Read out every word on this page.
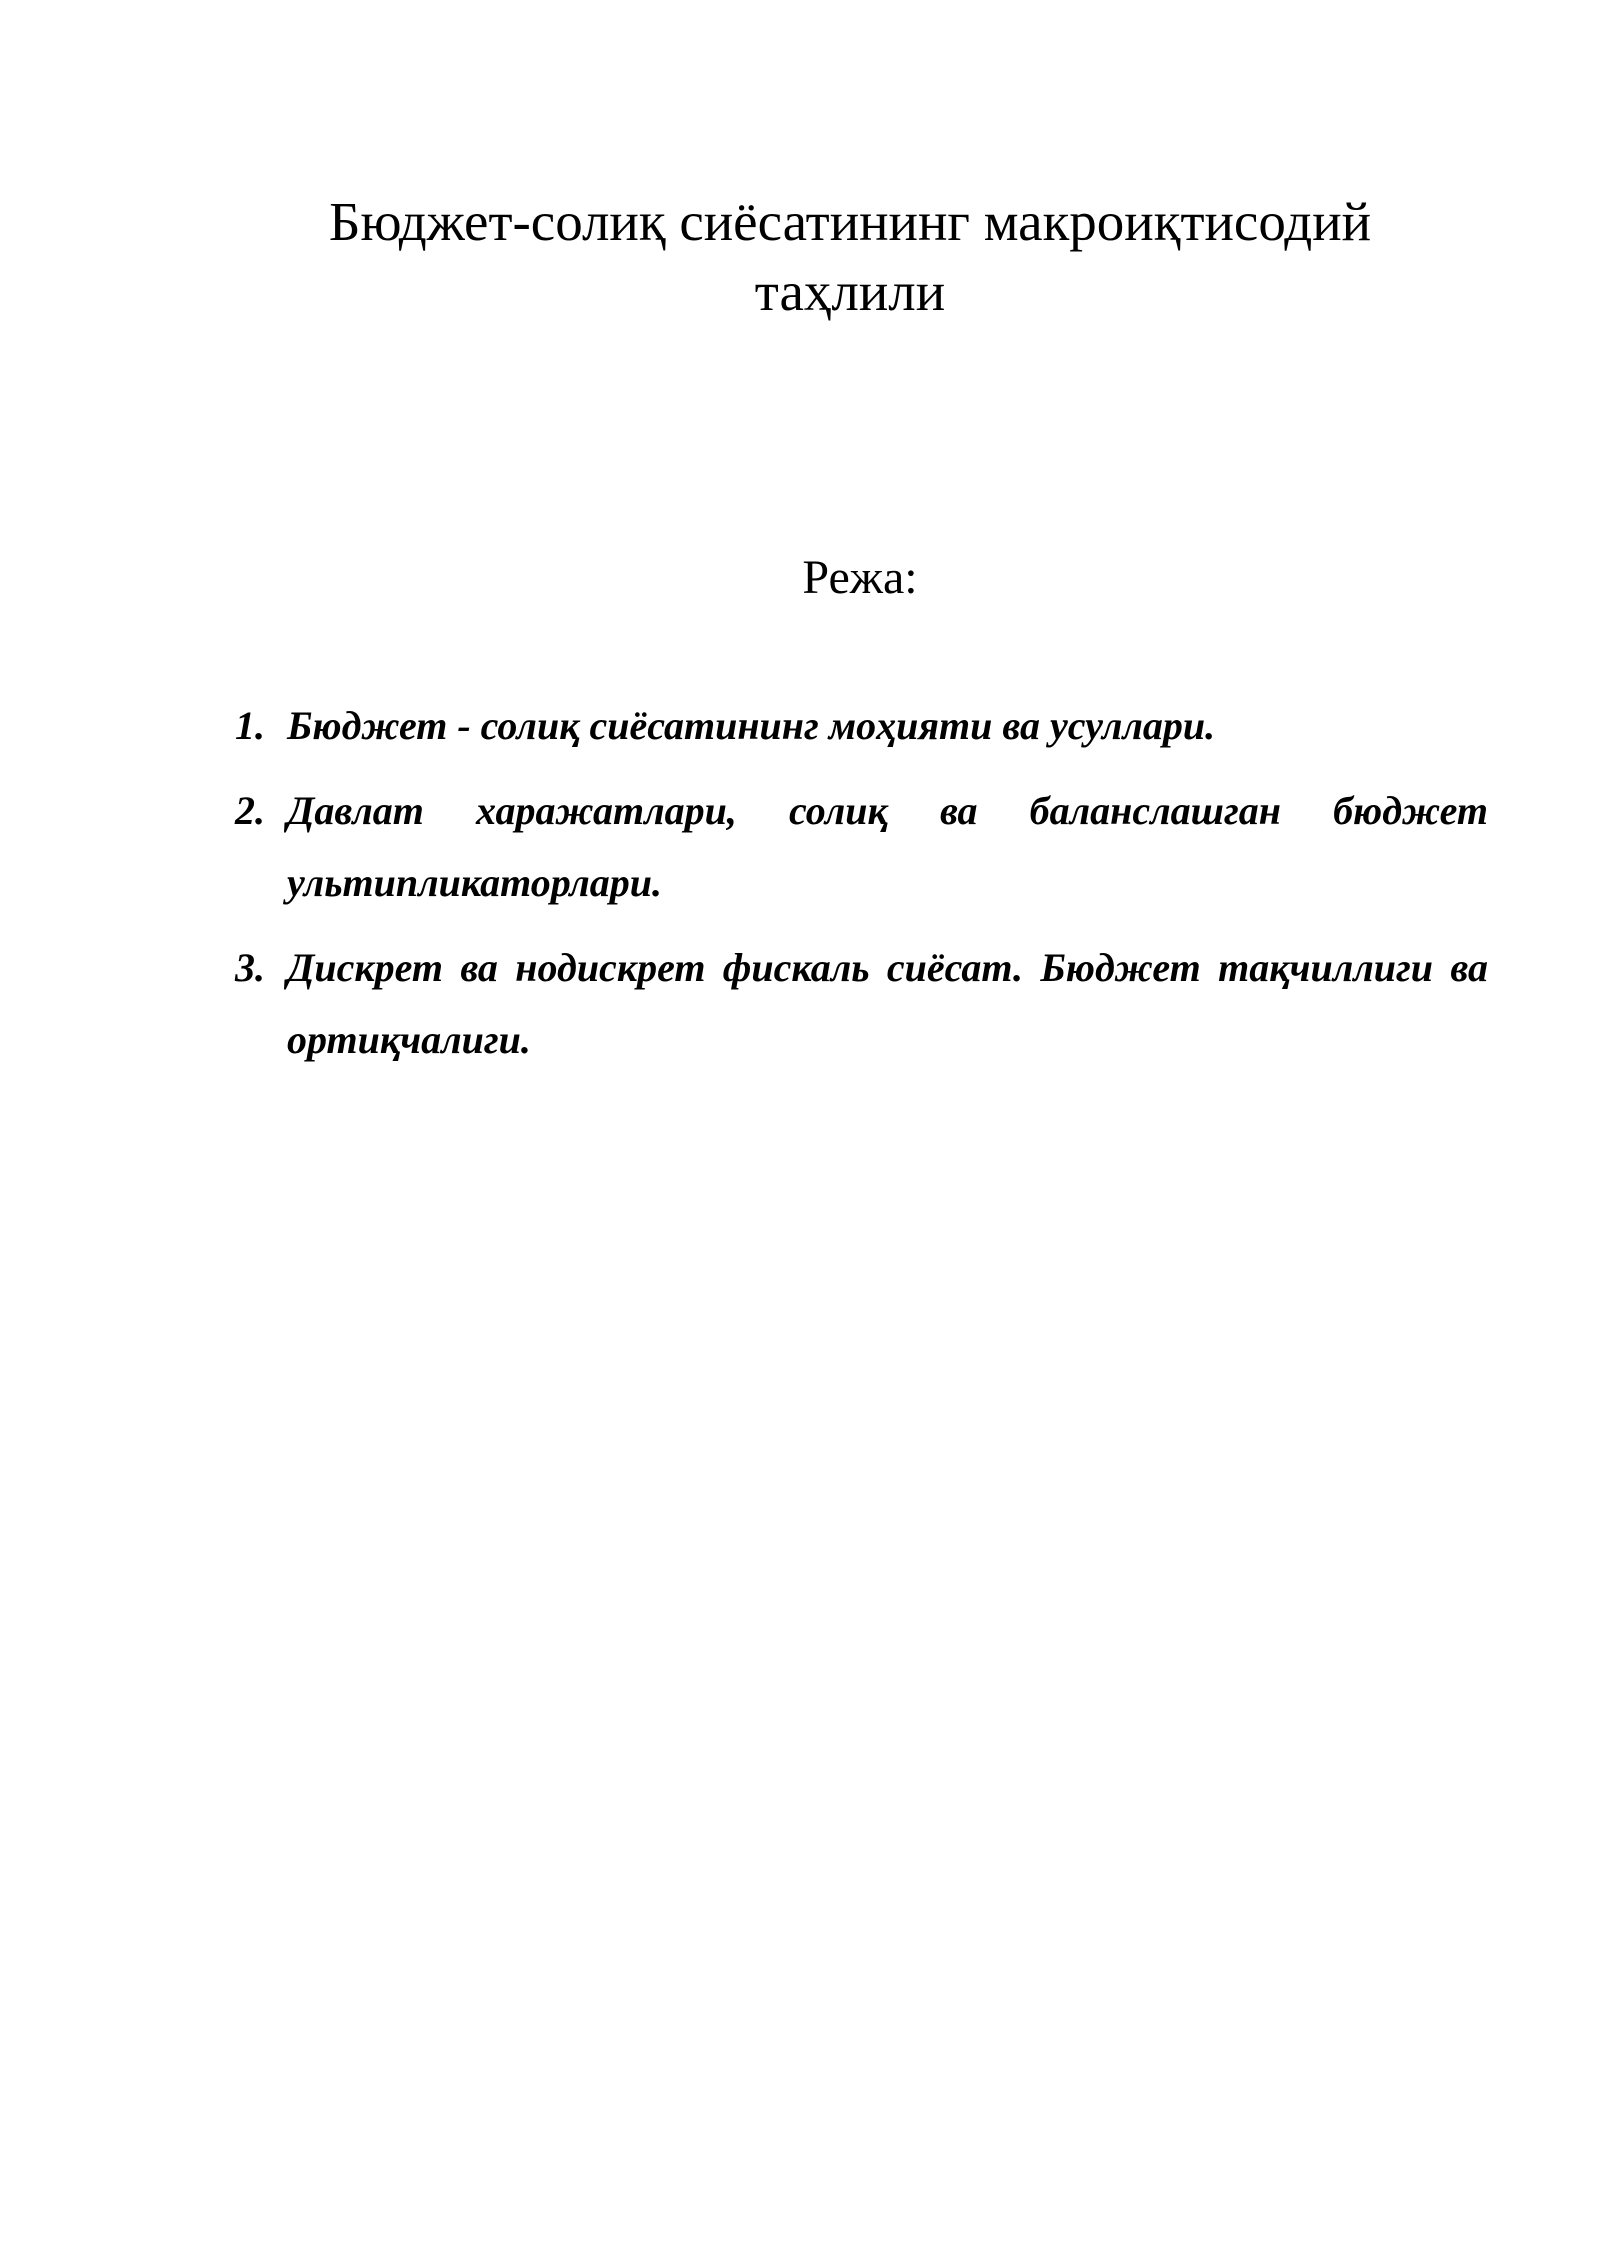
Бюджет-солиқ сиёсатининг макроиқтисодий таҳлили
Режа:
1. Бюджет - солиқ сиёсатининг моҳияти ва усуллари.
2. Давлат харажатлари, солиқ ва баланслашган бюджет ультипликаторлари.
3. Дискрет ва нодискрет фискаль сиёсат. Бюджет тақчиллиги ва ортиқчалиги.
